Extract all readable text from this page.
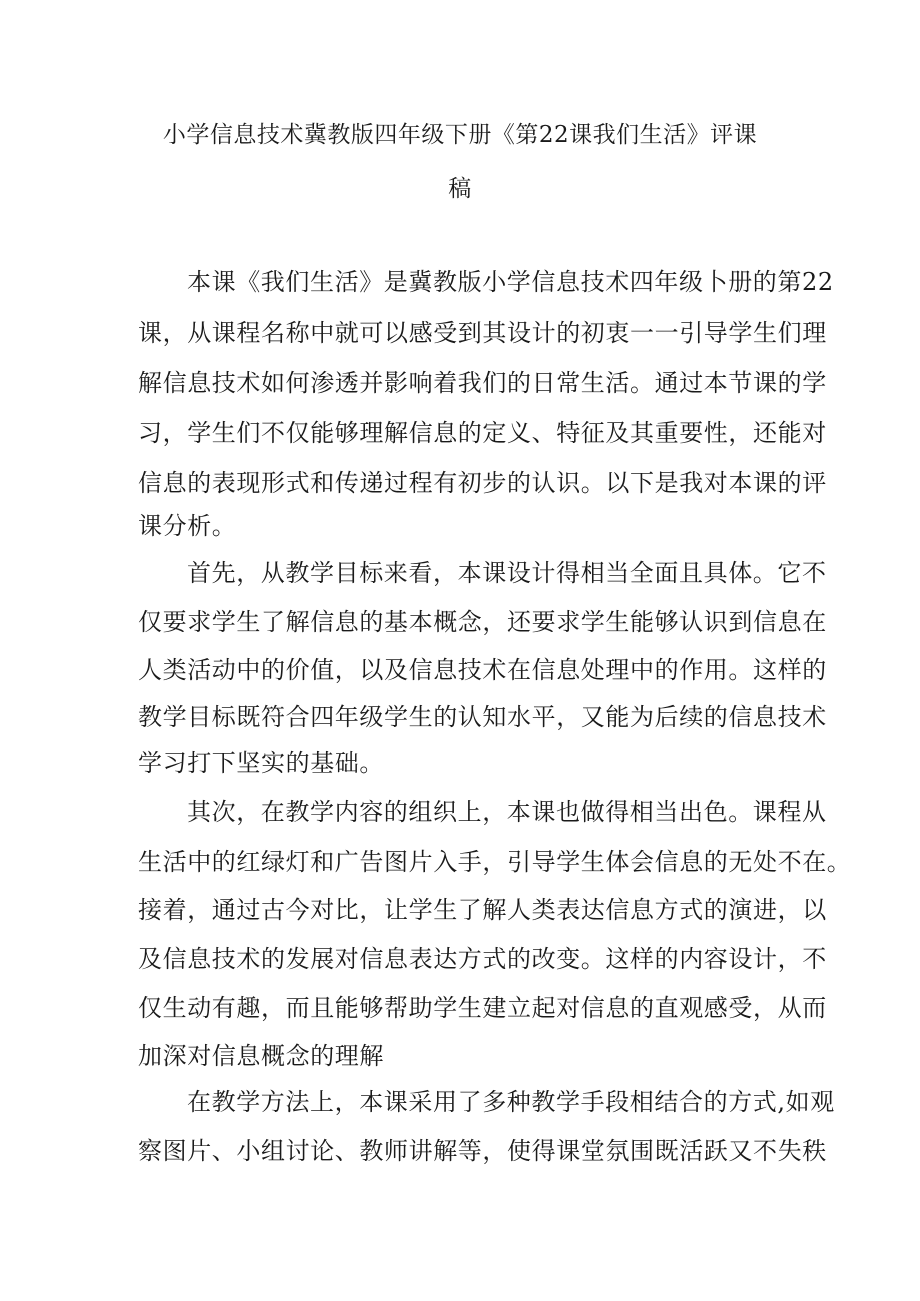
小学信息技术冀教版四年级下册《第22课我们生活》评课
稿
本课《我们生活》是冀教版小学信息技术四年级卜册的第22
课，从课程名称中就可以感受到其设计的初衷一一引导学生们理
解信息技术如何渗透并影响着我们的日常生活。通过本节课的学
习，学生们不仅能够理解信息的定义、特征及其重要性，还能对
信息的表现形式和传递过程有初步的认识。以下是我对本课的评
课分析。
首先，从教学目标来看，本课设计得相当全面且具体。它不
仅要求学生了解信息的基本概念，还要求学生能够认识到信息在
人类活动中的价值，以及信息技术在信息处理中的作用。这样的
教学目标既符合四年级学生的认知水平，又能为后续的信息技术
学习打下坚实的基础。
其次，在教学内容的组织上，本课也做得相当出色。课程从
生活中的红绿灯和广告图片入手，引导学生体会信息的无处不在。
接着，通过古今对比，让学生了解人类表达信息方式的演进，以
及信息技术的发展对信息表达方式的改变。这样的内容设计，不
仅生动有趣，而且能够帮助学生建立起对信息的直观感受，从而
加深对信息概念的理解
在教学方法上，本课采用了多种教学手段相结合的方式,如观
察图片、小组讨论、教师讲解等，使得课堂氛围既活跃又不失秩
